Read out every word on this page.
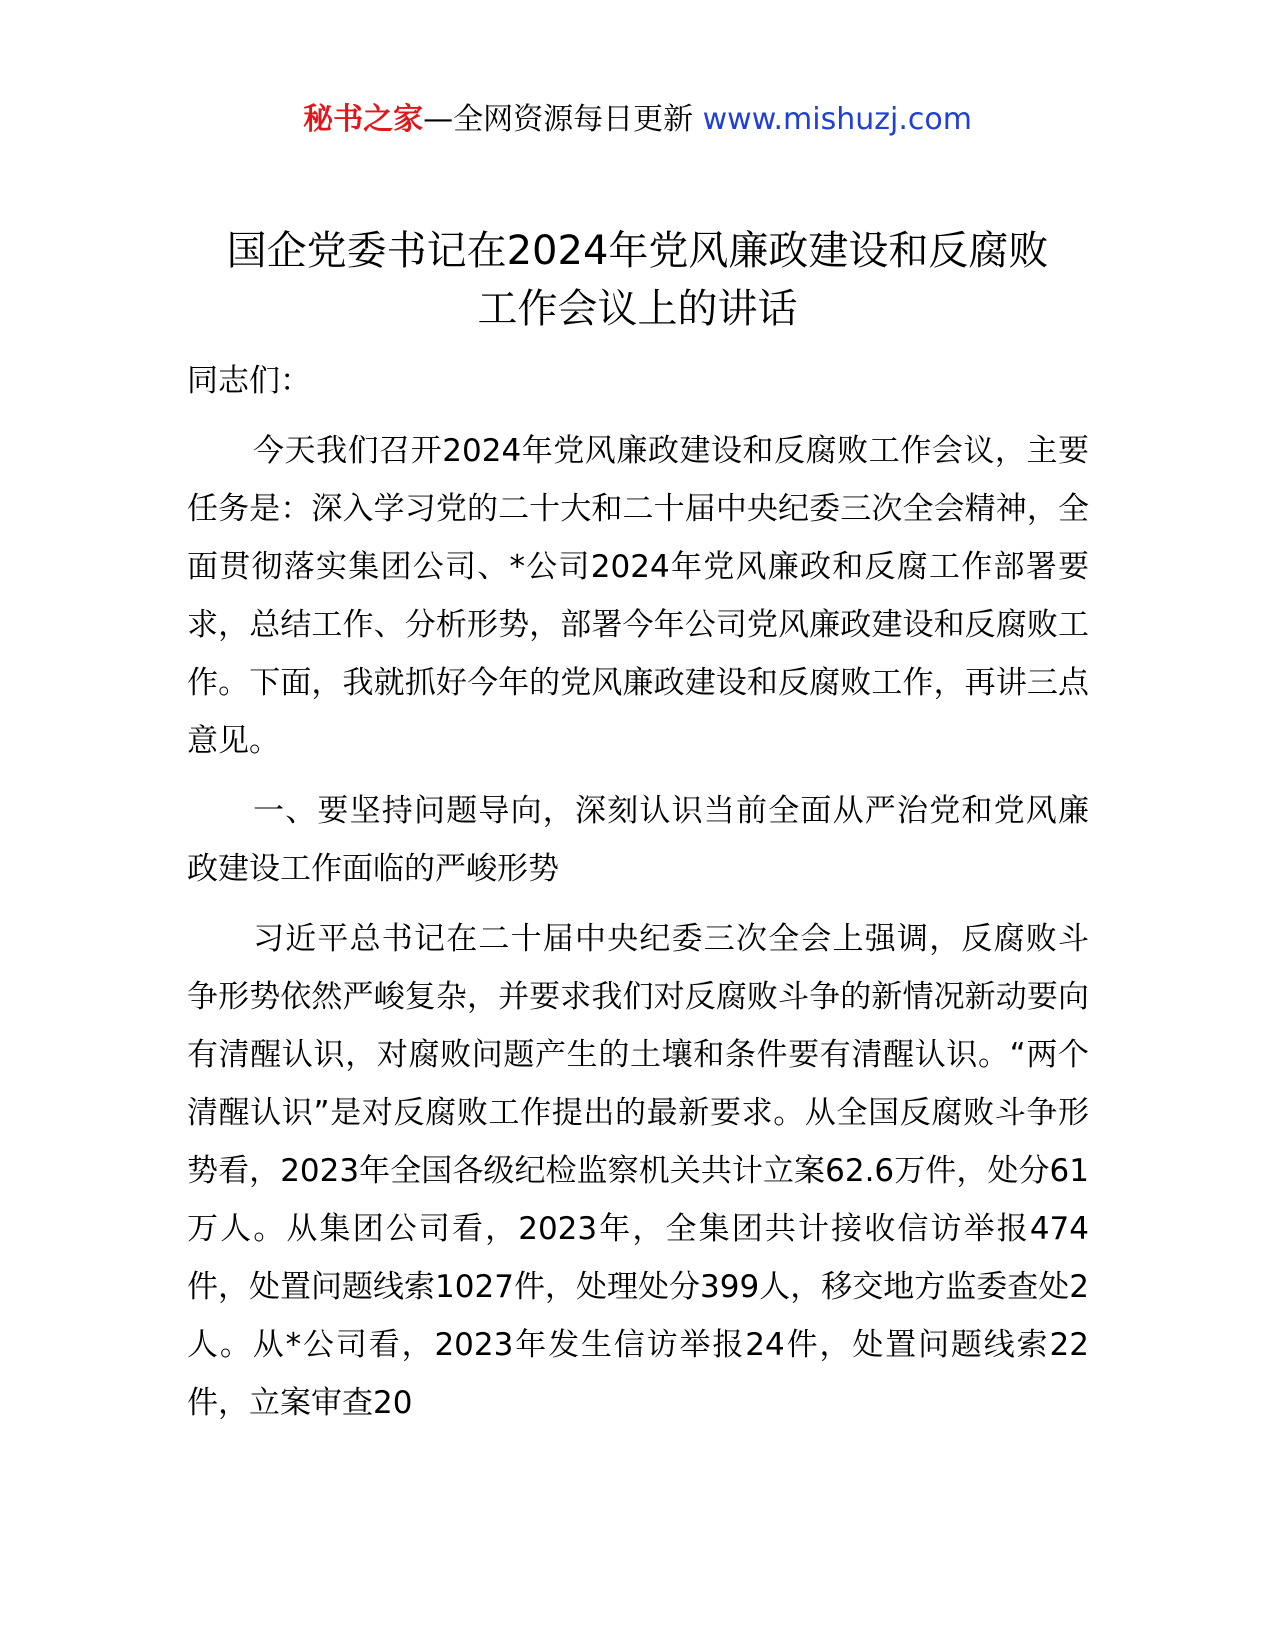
秘书之家—全网资源每日更新 www.mishuzj.com
国企党委书记在2024年党风廉政建设和反腐败
工作会议上的讲话

同志们：

今天我们召开2024年党风廉政建设和反腐败工作会议，主要任务是：深入学习党的二十大和二十届中央纪委三次全会精神，全面贯彻落实集团公司、*公司2024年党风廉政和反腐工作部署要求，总结工作、分析形势，部署今年公司党风廉政建设和反腐败工作。下面，我就抓好今年的党风廉政建设和反腐败工作，再讲三点意见。

一、要坚持问题导向，深刻认识当前全面从严治党和党风廉政建设工作面临的严峻形势

习近平总书记在二十届中央纪委三次全会上强调，反腐败斗争形势依然严峻复杂，并要求我们对反腐败斗争的新情况新动要向有清醒认识，对腐败问题产生的土壤和条件要有清醒认识。“两个清醒认识”是对反腐败工作提出的最新要求。从全国反腐败斗争形势看，2023年全国各级纪检监察机关共计立案62.6万件，处分61万人。从集团公司看，2023年，全集团共计接收信访举报474件，处置问题线索1027件，处理处分399人，移交地方监委查处2人。从*公司看，2023年发生信访举报24件，处置问题线索22件，立案审查20
